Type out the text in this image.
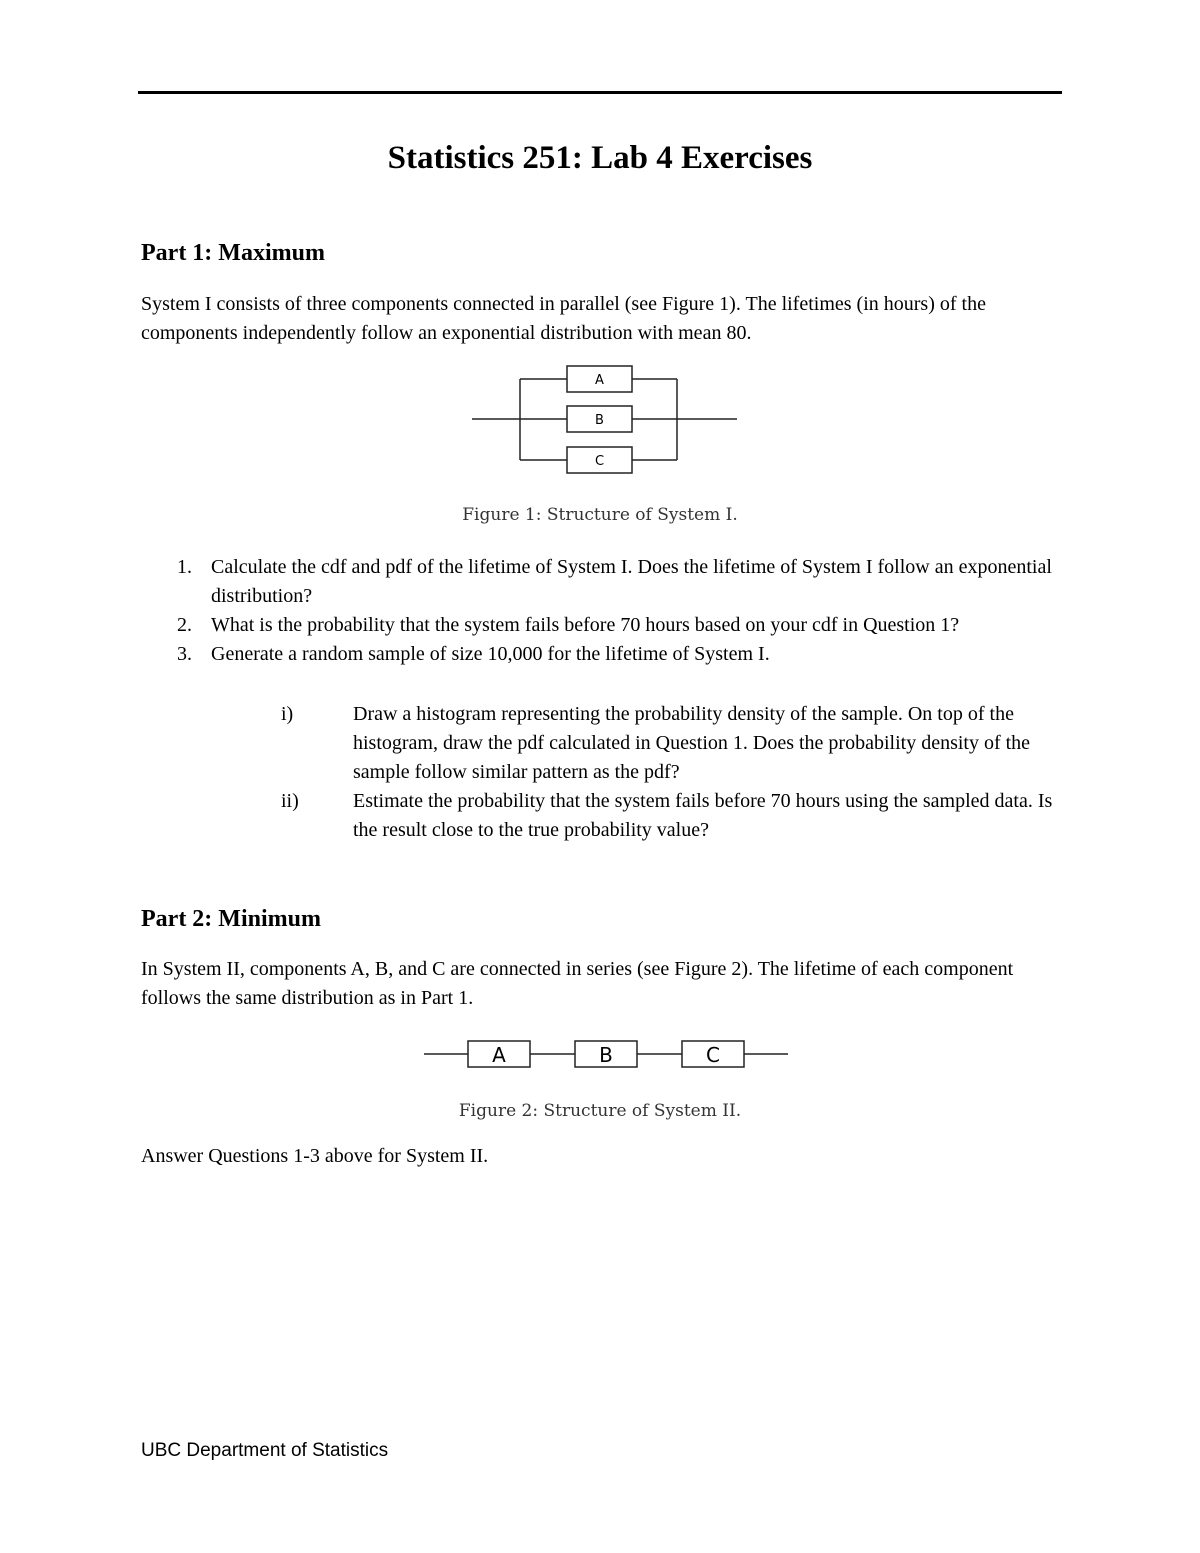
Statistics 251: Lab 4 Exercises
Part 1: Maximum
System I consists of three components connected in parallel (see Figure 1). The lifetimes (in hours) of the components independently follow an exponential distribution with mean 80.
A
B
C
Figure 1: Structure of System I.
1. Calculate the cdf and pdf of the lifetime of System I. Does the lifetime of System I follow an exponential distribution?
2. What is the probability that the system fails before 70 hours based on your cdf in Question 1?
3. Generate a random sample of size 10,000 for the lifetime of System I.
i)	Draw a histogram representing the probability density of the sample. On top of the histogram, draw the pdf calculated in Question 1. Does the probability density of the sample follow similar pattern as the pdf?
ii)	Estimate the probability that the system fails before 70 hours using the sampled data. Is the result close to the true probability value?
Part 2: Minimum
In System II, components A, B, and C are connected in series (see Figure 2). The lifetime of each component follows the same distribution as in Part 1.
A	B	C
Figure 2: Structure of System II.
Answer Questions 1-3 above for System II.
UBC Department of Statistics
